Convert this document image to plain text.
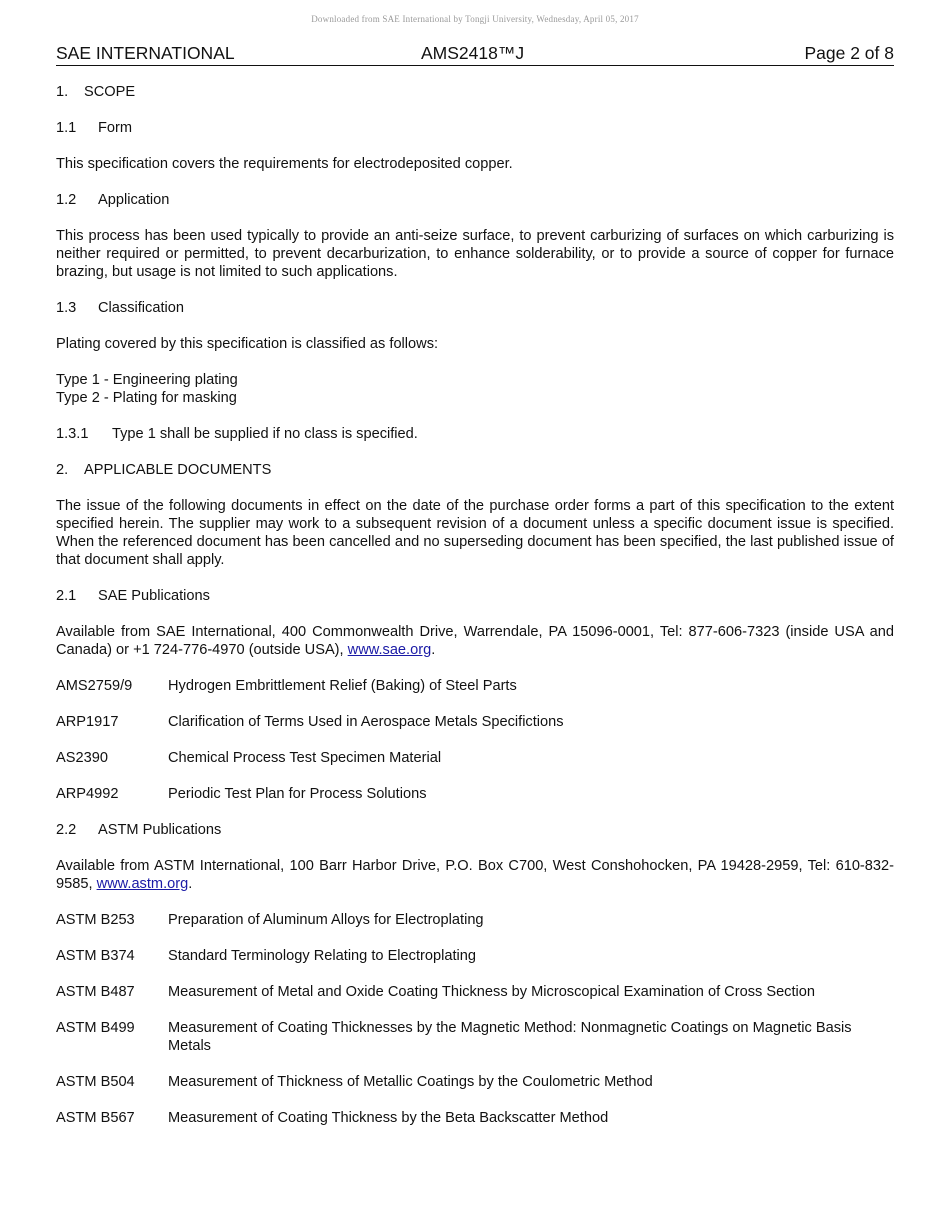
Downloaded from SAE International by Tongji University, Wednesday, April 05, 2017
SAE INTERNATIONAL	AMS2418™J	Page 2 of 8
1. SCOPE
1.1 Form
This specification covers the requirements for electrodeposited copper.
1.2 Application
This process has been used typically to provide an anti-seize surface, to prevent carburizing of surfaces on which carburizing is neither required or permitted, to prevent decarburization, to enhance solderability, or to provide a source of copper for furnace brazing, but usage is not limited to such applications.
1.3 Classification
Plating covered by this specification is classified as follows:
Type 1 - Engineering plating
Type 2 - Plating for masking
1.3.1 Type 1 shall be supplied if no class is specified.
2. APPLICABLE DOCUMENTS
The issue of the following documents in effect on the date of the purchase order forms a part of this specification to the extent specified herein. The supplier may work to a subsequent revision of a document unless a specific document issue is specified. When the referenced document has been cancelled and no superseding document has been specified, the last published issue of that document shall apply.
2.1 SAE Publications
Available from SAE International, 400 Commonwealth Drive, Warrendale, PA 15096-0001, Tel: 877-606-7323 (inside USA and Canada) or +1 724-776-4970 (outside USA), www.sae.org.
AMS2759/9	Hydrogen Embrittlement Relief (Baking) of Steel Parts
ARP1917	Clarification of Terms Used in Aerospace Metals Specifictions
AS2390	Chemical Process Test Specimen Material
ARP4992	Periodic Test Plan for Process Solutions
2.2 ASTM Publications
Available from ASTM International, 100 Barr Harbor Drive, P.O. Box C700, West Conshohocken, PA 19428-2959, Tel: 610-832-9585, www.astm.org.
ASTM B253	Preparation of Aluminum Alloys for Electroplating
ASTM B374	Standard Terminology Relating to Electroplating
ASTM B487	Measurement of Metal and Oxide Coating Thickness by Microscopical Examination of Cross Section
ASTM B499	Measurement of Coating Thicknesses by the Magnetic Method: Nonmagnetic Coatings on Magnetic Basis Metals
ASTM B504	Measurement of Thickness of Metallic Coatings by the Coulometric Method
ASTM B567	Measurement of Coating Thickness by the Beta Backscatter Method
